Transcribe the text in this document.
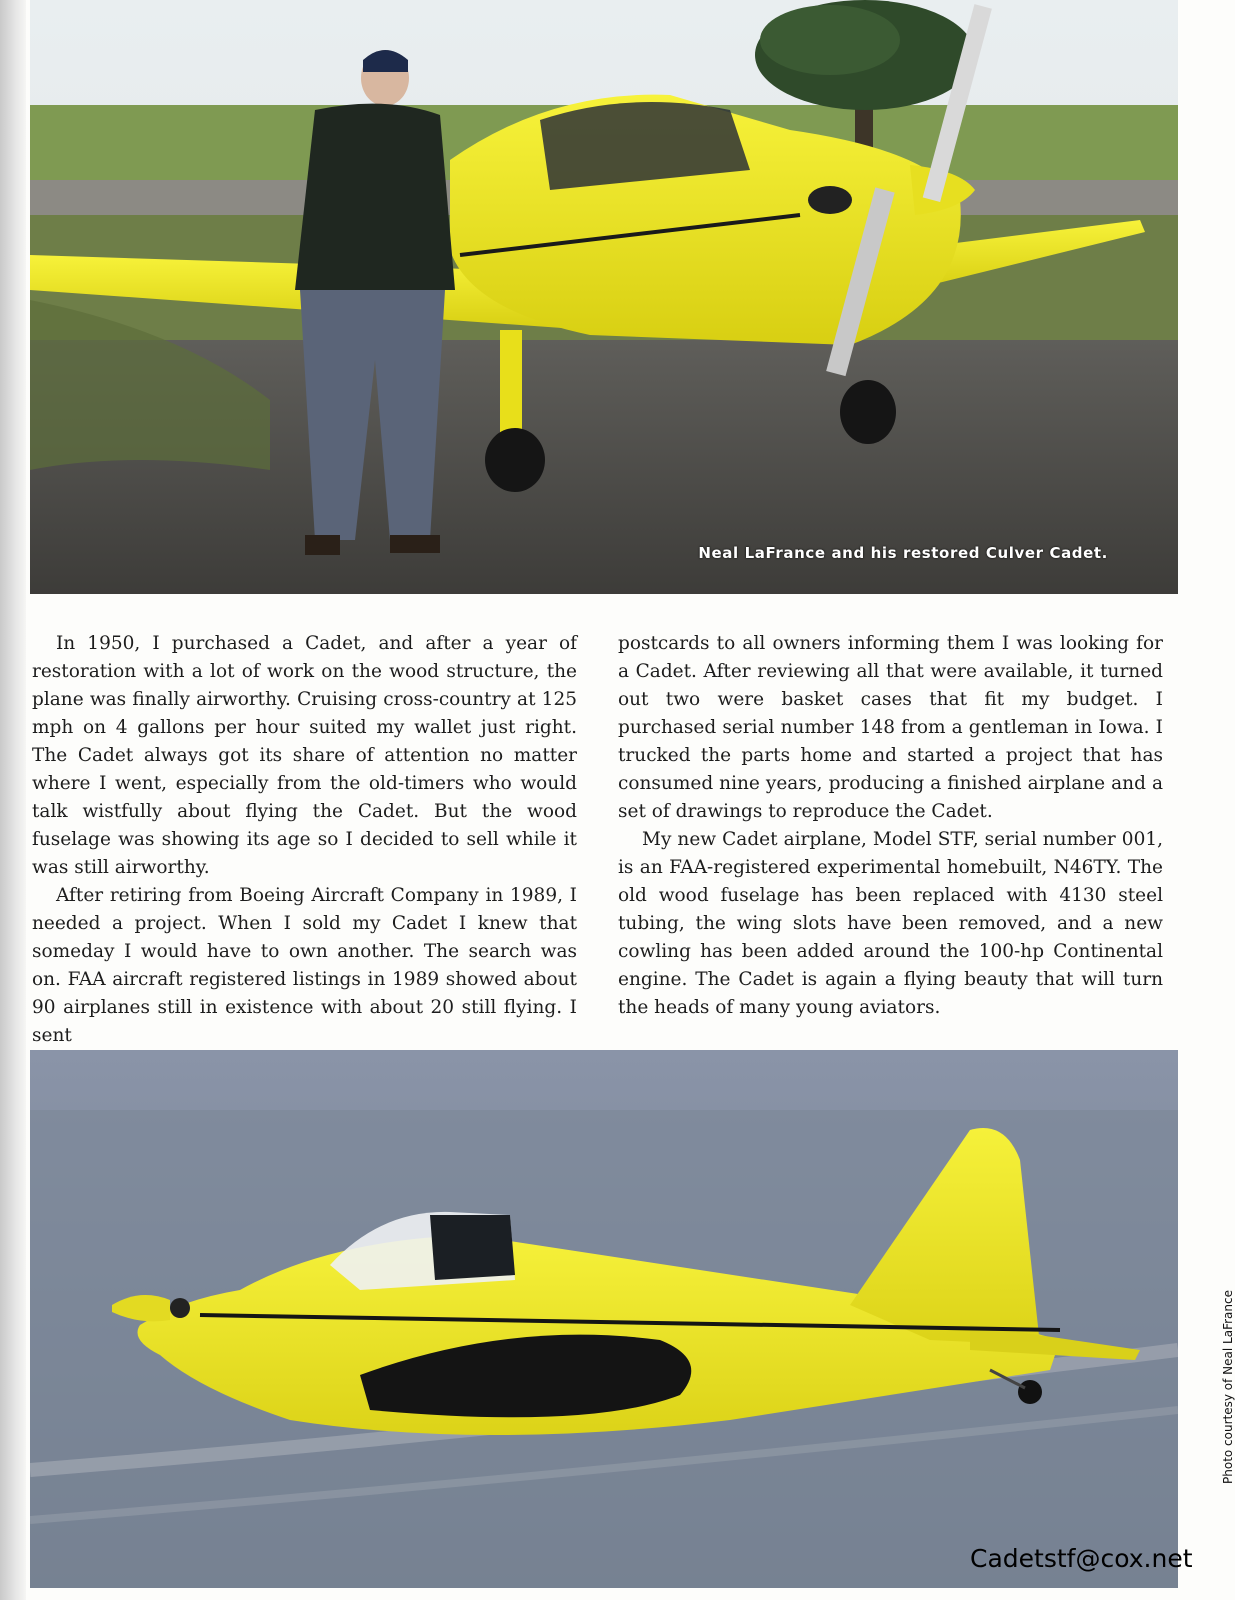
Neal LaFrance and his restored Culver Cadet.

In 1950, I purchased a Cadet, and after a year of restoration with a lot of work on the wood structure, the plane was finally airworthy. Cruising cross-country at 125 mph on 4 gallons per hour suited my wallet just right. The Cadet always got its share of attention no matter where I went, especially from the old-timers who would talk wistfully about flying the Cadet. But the wood fuselage was showing its age so I decided to sell while it was still airworthy.

After retiring from Boeing Aircraft Company in 1989, I needed a project. When I sold my Cadet I knew that someday I would have to own another. The search was on. FAA aircraft registered listings in 1989 showed about 90 airplanes still in existence with about 20 still flying. I sent

postcards to all owners informing them I was looking for a Cadet. After reviewing all that were available, it turned out two were basket cases that fit my budget. I purchased serial number 148 from a gentleman in Iowa. I trucked the parts home and started a project that has consumed nine years, producing a finished airplane and a set of drawings to reproduce the Cadet.

My new Cadet airplane, Model STF, serial number 001, is an FAA-registered experimental homebuilt, N46TY. The old wood fuselage has been replaced with 4130 steel tubing, the wing slots have been removed, and a new cowling has been added around the 100-hp Continental engine. The Cadet is again a flying beauty that will turn the heads of many young aviators.

Photo courtesy of Neal LaFrance
Cadetstf@cox.net
